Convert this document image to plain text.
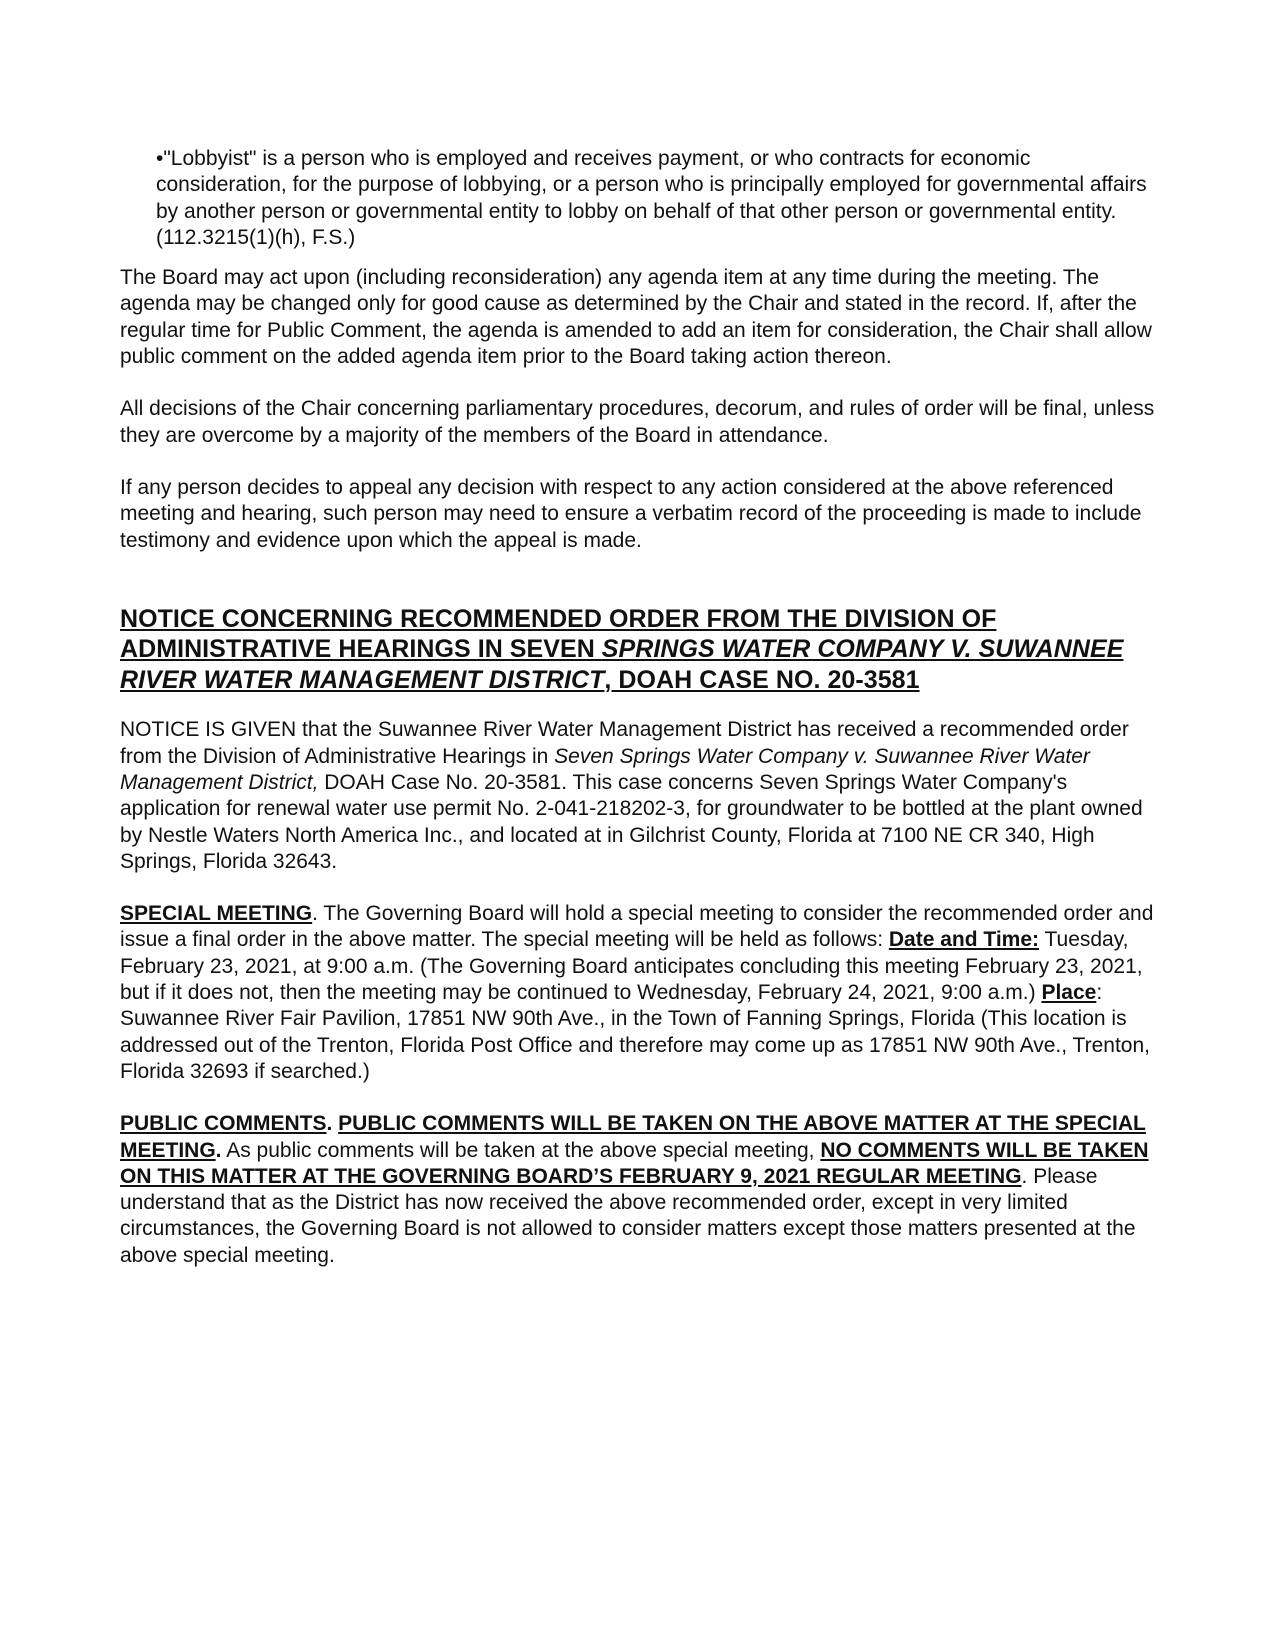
•"Lobbyist" is a person who is employed and receives payment, or who contracts for economic consideration, for the purpose of lobbying, or a person who is principally employed for governmental affairs by another person or governmental entity to lobby on behalf of that other person or governmental entity. (112.3215(1)(h), F.S.)

The Board may act upon (including reconsideration) any agenda item at any time during the meeting. The agenda may be changed only for good cause as determined by the Chair and stated in the record. If, after the regular time for Public Comment, the agenda is amended to add an item for consideration, the Chair shall allow public comment on the added agenda item prior to the Board taking action thereon.

All decisions of the Chair concerning parliamentary procedures, decorum, and rules of order will be final, unless they are overcome by a majority of the members of the Board in attendance.

If any person decides to appeal any decision with respect to any action considered at the above referenced meeting and hearing, such person may need to ensure a verbatim record of the proceeding is made to include testimony and evidence upon which the appeal is made.

NOTICE CONCERNING RECOMMENDED ORDER FROM THE DIVISION OF ADMINISTRATIVE HEARINGS IN SEVEN SPRINGS WATER COMPANY V. SUWANNEE RIVER WATER MANAGEMENT DISTRICT, DOAH CASE NO. 20-3581

NOTICE IS GIVEN that the Suwannee River Water Management District has received a recommended order from the Division of Administrative Hearings in Seven Springs Water Company v. Suwannee River Water Management District, DOAH Case No. 20-3581. This case concerns Seven Springs Water Company's application for renewal water use permit No. 2-041-218202-3, for groundwater to be bottled at the plant owned by Nestle Waters North America Inc., and located at in Gilchrist County, Florida at 7100 NE CR 340, High Springs, Florida 32643.

SPECIAL MEETING. The Governing Board will hold a special meeting to consider the recommended order and issue a final order in the above matter. The special meeting will be held as follows: Date and Time: Tuesday, February 23, 2021, at 9:00 a.m. (The Governing Board anticipates concluding this meeting February 23, 2021, but if it does not, then the meeting may be continued to Wednesday, February 24, 2021, 9:00 a.m.) Place: Suwannee River Fair Pavilion, 17851 NW 90th Ave., in the Town of Fanning Springs, Florida (This location is addressed out of the Trenton, Florida Post Office and therefore may come up as 17851 NW 90th Ave., Trenton, Florida 32693 if searched.)

PUBLIC COMMENTS. PUBLIC COMMENTS WILL BE TAKEN ON THE ABOVE MATTER AT THE SPECIAL MEETING. As public comments will be taken at the above special meeting, NO COMMENTS WILL BE TAKEN ON THIS MATTER AT THE GOVERNING BOARD’S FEBRUARY 9, 2021 REGULAR MEETING. Please understand that as the District has now received the above recommended order, except in very limited circumstances, the Governing Board is not allowed to consider matters except those matters presented at the above special meeting.
